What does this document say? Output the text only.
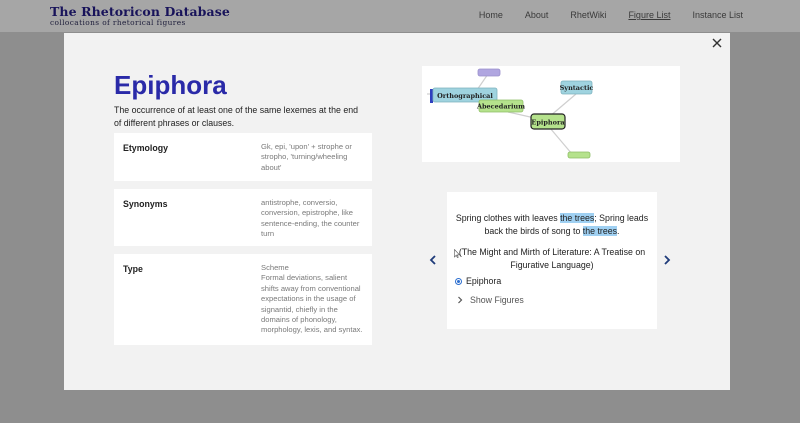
The Rhetoricon Database
collocations of rhetorical figures
Home About RhetWiki Figure List Instance List
Epiphora
The occurrence of at least one of the same lexemes at the end of different phrases or clauses.
Etymology	Gk, epi, 'upon' + strophe or stropho, 'turning/wheeling about'
Synonyms	antistrophe, conversio, conversion, epistrophe, like sentence-ending, the counter turn
Type	Scheme
Formal deviations, salient shifts away from conventional expectations in the usage of signantid, chiefly in the domains of phonology, morphology, lexis, and syntax.
Orthographical
Abecedarium
Syntactic
Epiphora
Spring clothes with leaves the trees; Spring leads back the birds of song to the trees.
(The Might and Mirth of Literature: A Treatise on Figurative Language)
Epiphora
Show Figures
